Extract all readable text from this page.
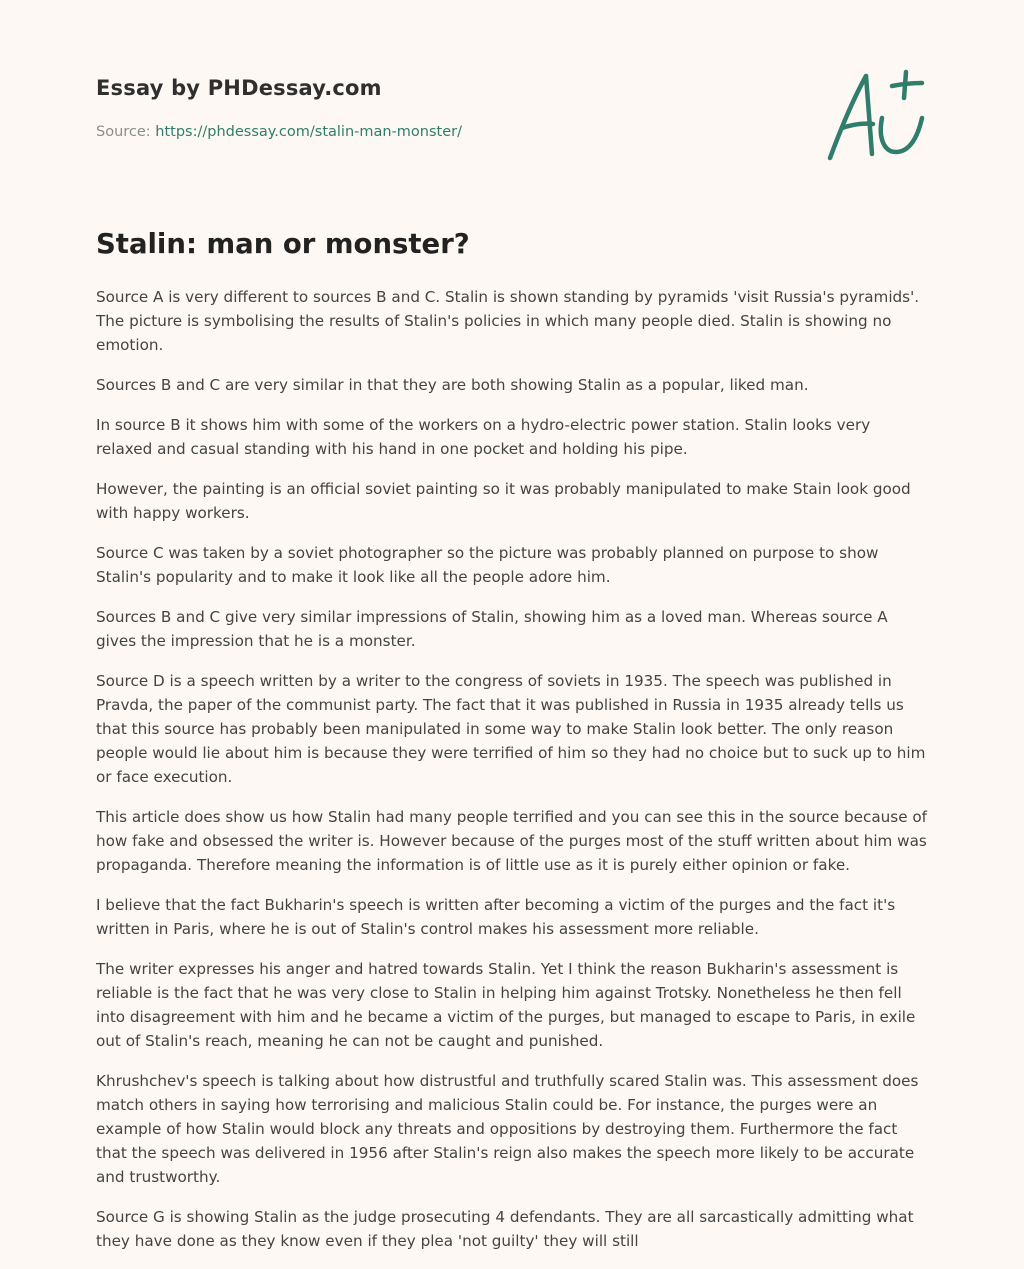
Essay by PHDessay.com
Source: https://phdessay.com/stalin-man-monster/
Stalin: man or monster?

Source A is very different to sources B and C. Stalin is shown standing by pyramids 'visit Russia's pyramids'. The picture is symbolising the results of Stalin's policies in which many people died. Stalin is showing no emotion.

Sources B and C are very similar in that they are both showing Stalin as a popular, liked man.

In source B it shows him with some of the workers on a hydro-electric power station. Stalin looks very relaxed and casual standing with his hand in one pocket and holding his pipe.

However, the painting is an official soviet painting so it was probably manipulated to make Stain look good with happy workers.

Source C was taken by a soviet photographer so the picture was probably planned on purpose to show Stalin's popularity and to make it look like all the people adore him.

Sources B and C give very similar impressions of Stalin, showing him as a loved man. Whereas source A gives the impression that he is a monster.

Source D is a speech written by a writer to the congress of soviets in 1935. The speech was published in Pravda, the paper of the communist party. The fact that it was published in Russia in 1935 already tells us that this source has probably been manipulated in some way to make Stalin look better. The only reason people would lie about him is because they were terrified of him so they had no choice but to suck up to him or face execution.

This article does show us how Stalin had many people terrified and you can see this in the source because of how fake and obsessed the writer is. However because of the purges most of the stuff written about him was propaganda. Therefore meaning the information is of little use as it is purely either opinion or fake.

I believe that the fact Bukharin's speech is written after becoming a victim of the purges and the fact it's written in Paris, where he is out of Stalin's control makes his assessment more reliable.

The writer expresses his anger and hatred towards Stalin. Yet I think the reason Bukharin's assessment is reliable is the fact that he was very close to Stalin in helping him against Trotsky. Nonetheless he then fell into disagreement with him and he became a victim of the purges, but managed to escape to Paris, in exile out of Stalin's reach, meaning he can not be caught and punished.

Khrushchev's speech is talking about how distrustful and truthfully scared Stalin was. This assessment does match others in saying how terrorising and malicious Stalin could be. For instance, the purges were an example of how Stalin would block any threats and oppositions by destroying them. Furthermore the fact that the speech was delivered in 1956 after Stalin's reign also makes the speech more likely to be accurate and trustworthy.

Source G is showing Stalin as the judge prosecuting 4 defendants. They are all sarcastically admitting what they have done as they know even if they plea 'not guilty' they will still
